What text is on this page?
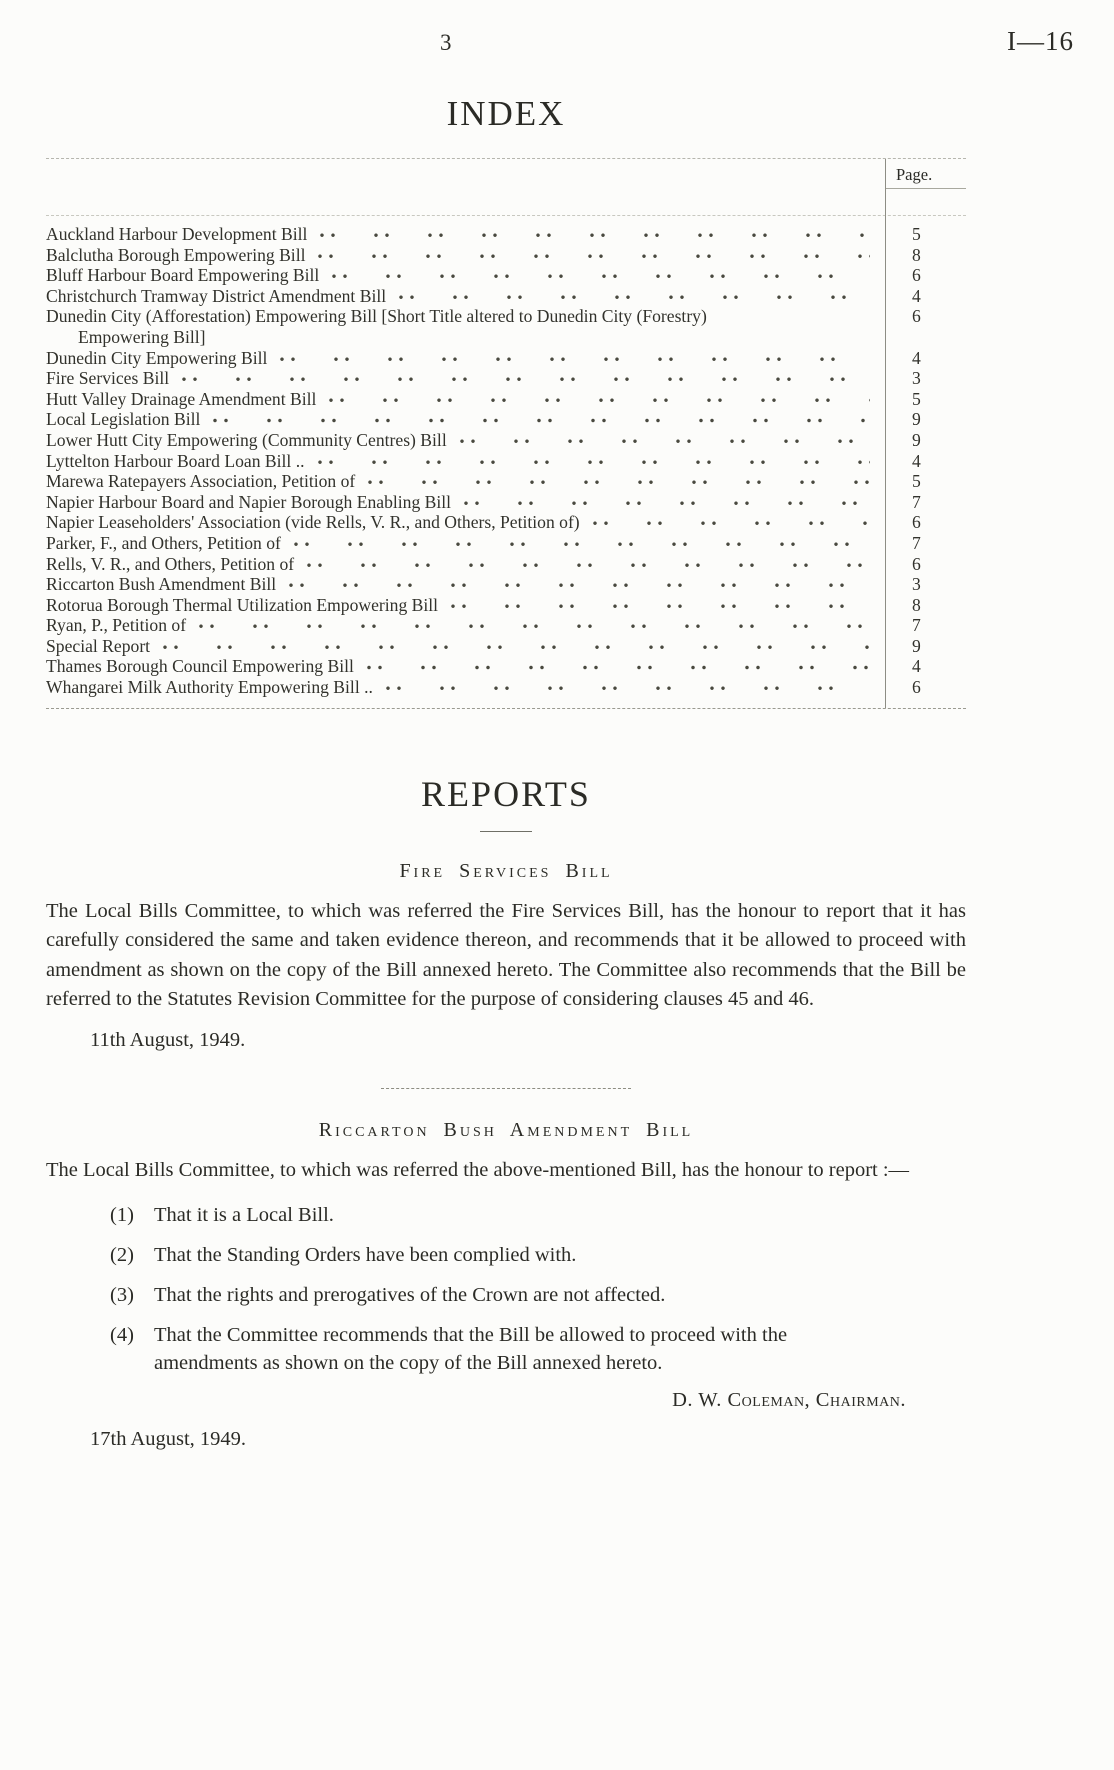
3	I—16
INDEX
Page.
Auckland Harbour Development Bill	5
Balclutha Borough Empowering Bill	8
Bluff Harbour Board Empowering Bill	6
Christchurch Tramway District Amendment Bill	4
Dunedin City (Afforestation) Empowering Bill [Short Title altered to Dunedin City (Forestry)	6
Empowering Bill]
Dunedin City Empowering Bill	4
Fire Services Bill	3
Hutt Valley Drainage Amendment Bill	5
Local Legislation Bill	9
Lower Hutt City Empowering (Community Centres) Bill	9
Lyttelton Harbour Board Loan Bill ..	4
Marewa Ratepayers Association, Petition of	5
Napier Harbour Board and Napier Borough Enabling Bill	7
Napier Leaseholders' Association (vide Rells, V. R., and Others, Petition of)	6
Parker, F., and Others, Petition of	7
Rells, V. R., and Others, Petition of	6
Riccarton Bush Amendment Bill	3
Rotorua Borough Thermal Utilization Empowering Bill	8
Ryan, P., Petition of	7
Special Report	9
Thames Borough Council Empowering Bill	4
Whangarei Milk Authority Empowering Bill ..	6
REPORTS
Fire Services Bill

The Local Bills Committee, to which was referred the Fire Services Bill, has the honour to report that it has carefully considered the same and taken evidence thereon, and recommends that it be allowed to proceed with amendment as shown on the copy of the Bill annexed hereto. The Committee also recommends that the Bill be referred to the Statutes Revision Committee for the purpose of considering clauses 45 and 46.

11th August, 1949.

Riccarton Bush Amendment Bill

The Local Bills Committee, to which was referred the above-mentioned Bill, has the honour to report :—

(1) That it is a Local Bill.
(2) That the Standing Orders have been complied with.
(3) That the rights and prerogatives of the Crown are not affected.
(4) That the Committee recommends that the Bill be allowed to proceed with the amendments as shown on the copy of the Bill annexed hereto.

D. W. Coleman, Chairman.

17th August, 1949.
